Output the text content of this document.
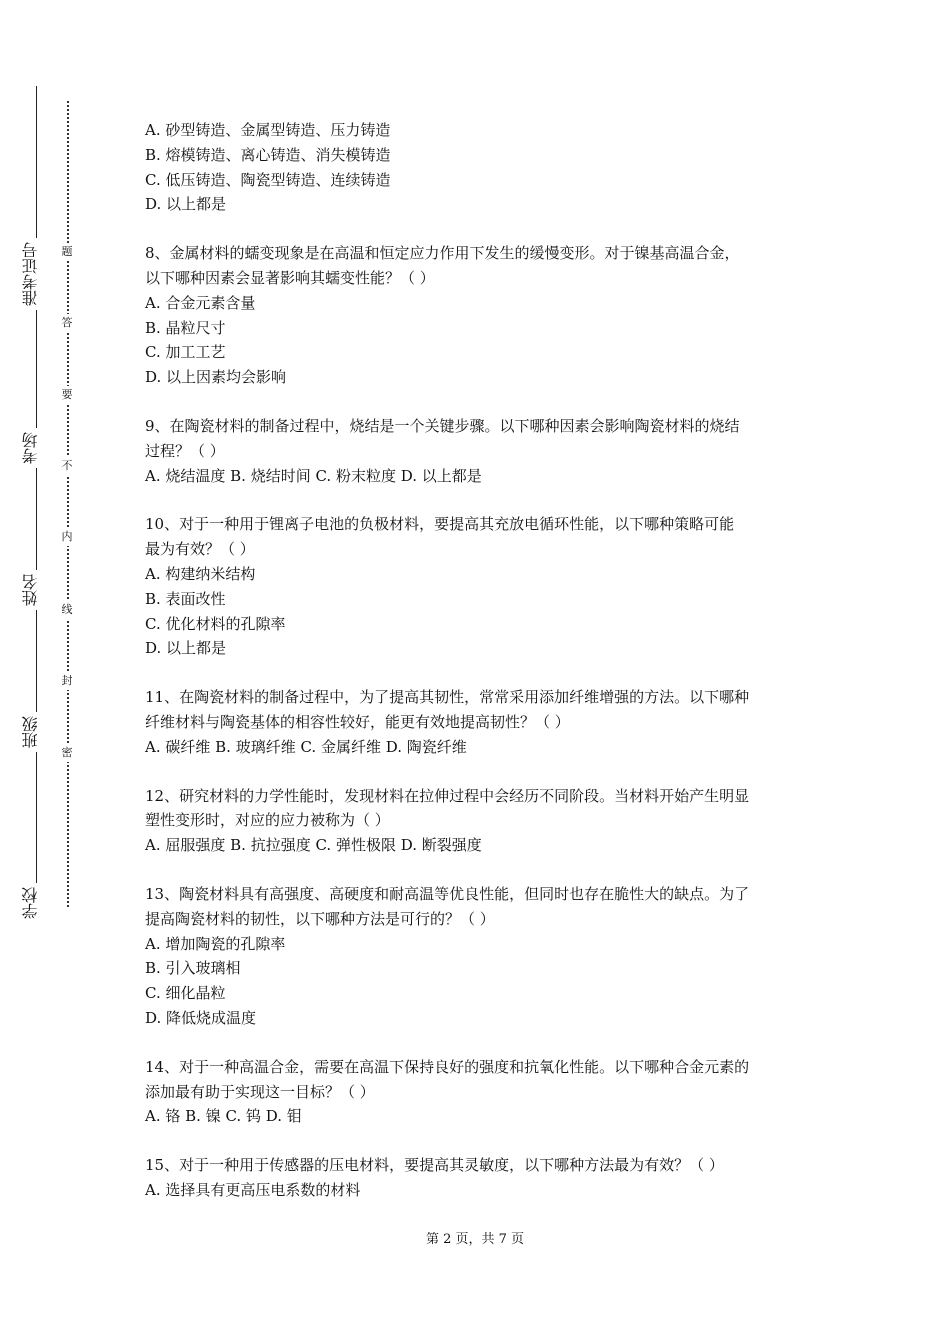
准考证号
考场
姓名
班级
学校
题
答
要
不
内
线
封
密
A. 砂型铸造、金属型铸造、压力铸造
B. 熔模铸造、离心铸造、消失模铸造
C. 低压铸造、陶瓷型铸造、连续铸造
D. 以上都是
8、金属材料的蠕变现象是在高温和恒定应力作用下发生的缓慢变形。对于镍基高温合金，
以下哪种因素会显著影响其蠕变性能？（ ）
A. 合金元素含量
B. 晶粒尺寸
C. 加工工艺
D. 以上因素均会影响
9、在陶瓷材料的制备过程中，烧结是一个关键步骤。以下哪种因素会影响陶瓷材料的烧结
过程？（ ）
A. 烧结温度 B. 烧结时间 C. 粉末粒度 D. 以上都是
10、对于一种用于锂离子电池的负极材料，要提高其充放电循环性能，以下哪种策略可能
最为有效？（ ）
A. 构建纳米结构
B. 表面改性
C. 优化材料的孔隙率
D. 以上都是
11、在陶瓷材料的制备过程中，为了提高其韧性，常常采用添加纤维增强的方法。以下哪种
纤维材料与陶瓷基体的相容性较好，能更有效地提高韧性？（ ）
A. 碳纤维 B. 玻璃纤维 C. 金属纤维 D. 陶瓷纤维
12、研究材料的力学性能时，发现材料在拉伸过程中会经历不同阶段。当材料开始产生明显
塑性变形时，对应的应力被称为（ ）
A. 屈服强度 B. 抗拉强度 C. 弹性极限 D. 断裂强度
13、陶瓷材料具有高强度、高硬度和耐高温等优良性能，但同时也存在脆性大的缺点。为了
提高陶瓷材料的韧性，以下哪种方法是可行的？（ ）
A. 增加陶瓷的孔隙率
B. 引入玻璃相
C. 细化晶粒
D. 降低烧成温度
14、对于一种高温合金，需要在高温下保持良好的强度和抗氧化性能。以下哪种合金元素的
添加最有助于实现这一目标？（ ）
A. 铬 B. 镍 C. 钨 D. 钼
15、对于一种用于传感器的压电材料，要提高其灵敏度，以下哪种方法最为有效？（ ）
A. 选择具有更高压电系数的材料
第 2 页，共 7 页
